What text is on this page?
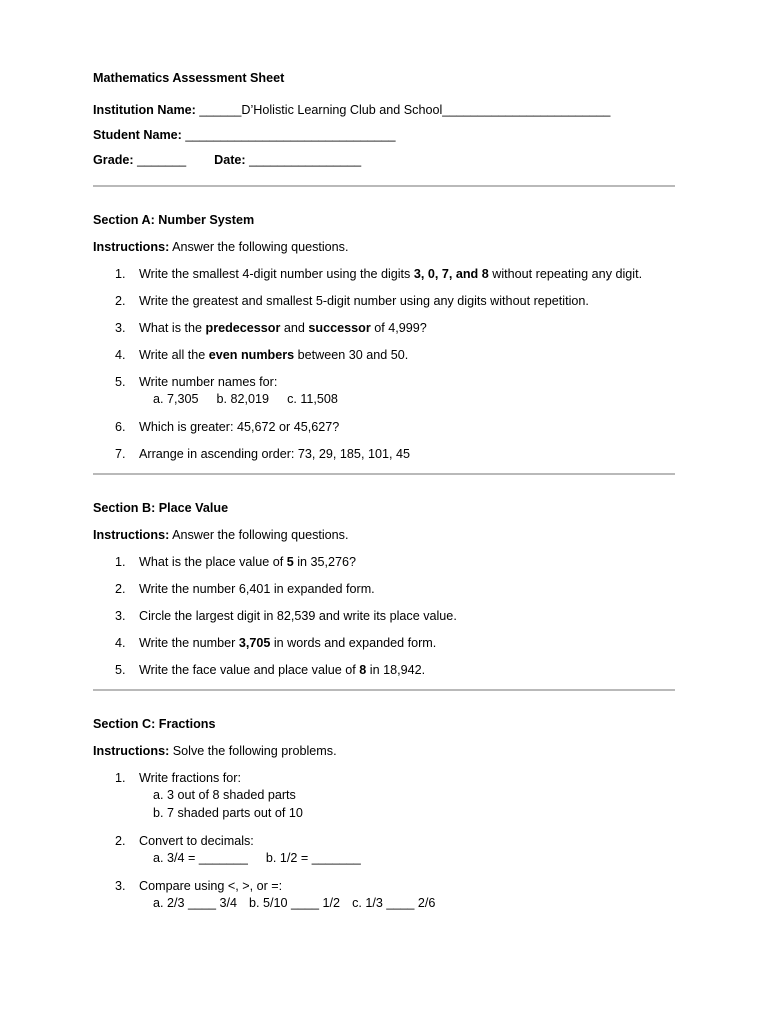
Mathematics Assessment Sheet
Institution Name: ______D’Holistic Learning Club and School________________________
Student Name: ______________________________
Grade: _______ Date: ________________
Section A: Number System
Instructions: Answer the following questions.
1. Write the smallest 4-digit number using the digits 3, 0, 7, and 8 without repeating any digit.
2. Write the greatest and smallest 5-digit number using any digits without repetition.
3. What is the predecessor and successor of 4,999?
4. Write all the even numbers between 30 and 50.
5. Write number names for:
a. 7,305 b. 82,019 c. 11,508
6. Which is greater: 45,672 or 45,627?
7. Arrange in ascending order: 73, 29, 185, 101, 45
Section B: Place Value
Instructions: Answer the following questions.
1. What is the place value of 5 in 35,276?
2. Write the number 6,401 in expanded form.
3. Circle the largest digit in 82,539 and write its place value.
4. Write the number 3,705 in words and expanded form.
5. Write the face value and place value of 8 in 18,942.
Section C: Fractions
Instructions: Solve the following problems.
1. Write fractions for:
a. 3 out of 8 shaded parts
b. 7 shaded parts out of 10
2. Convert to decimals:
a. 3/4 = _______ b. 1/2 = _______
3. Compare using <, >, or =:
a. 2/3 ____ 3/4 b. 5/10 ____ 1/2 c. 1/3 ____ 2/6
